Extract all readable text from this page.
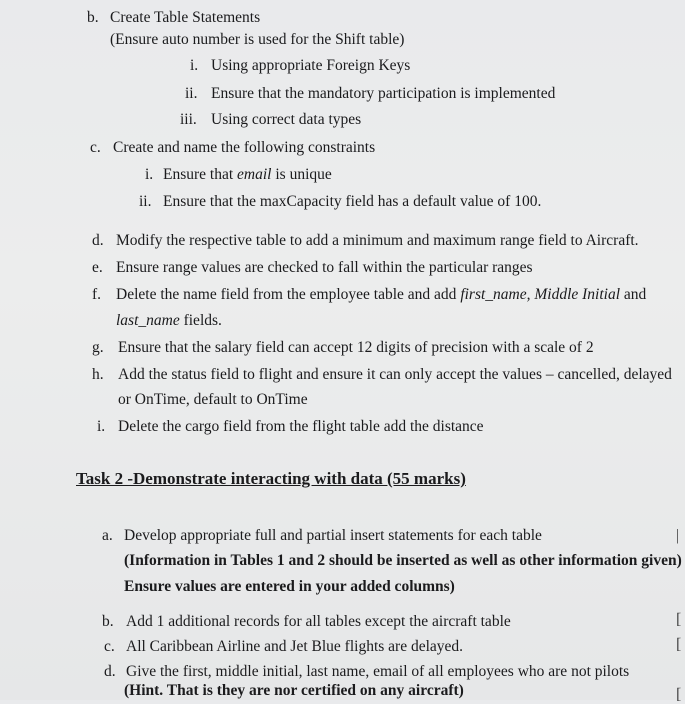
b. Create Table Statements
(Ensure auto number is used for the Shift table)
i. Using appropriate Foreign Keys
ii. Ensure that the mandatory participation is implemented
iii. Using correct data types
c. Create and name the following constraints
i. Ensure that email is unique
ii. Ensure that the maxCapacity field has a default value of 100.
d. Modify the respective table to add a minimum and maximum range field to Aircraft.
e. Ensure range values are checked to fall within the particular ranges
f. Delete the name field from the employee table and add first_name, Middle Initial and
last_name fields.
g. Ensure that the salary field can accept 12 digits of precision with a scale of 2
h. Add the status field to flight and ensure it can only accept the values – cancelled, delayed
or OnTime, default to OnTime
i. Delete the cargo field from the flight table add the distance
Task 2 -Demonstrate interacting with data (55 marks)
a. Develop appropriate full and partial insert statements for each table
(Information in Tables 1 and 2 should be inserted as well as other information given)
Ensure values are entered in your added columns)
b. Add 1 additional records for all tables except the aircraft table
c. All Caribbean Airline and Jet Blue flights are delayed.
d. Give the first, middle initial, last name, email of all employees who are not pilots
(Hint. That is they are nor certified on any aircraft)
|
[
[
[
